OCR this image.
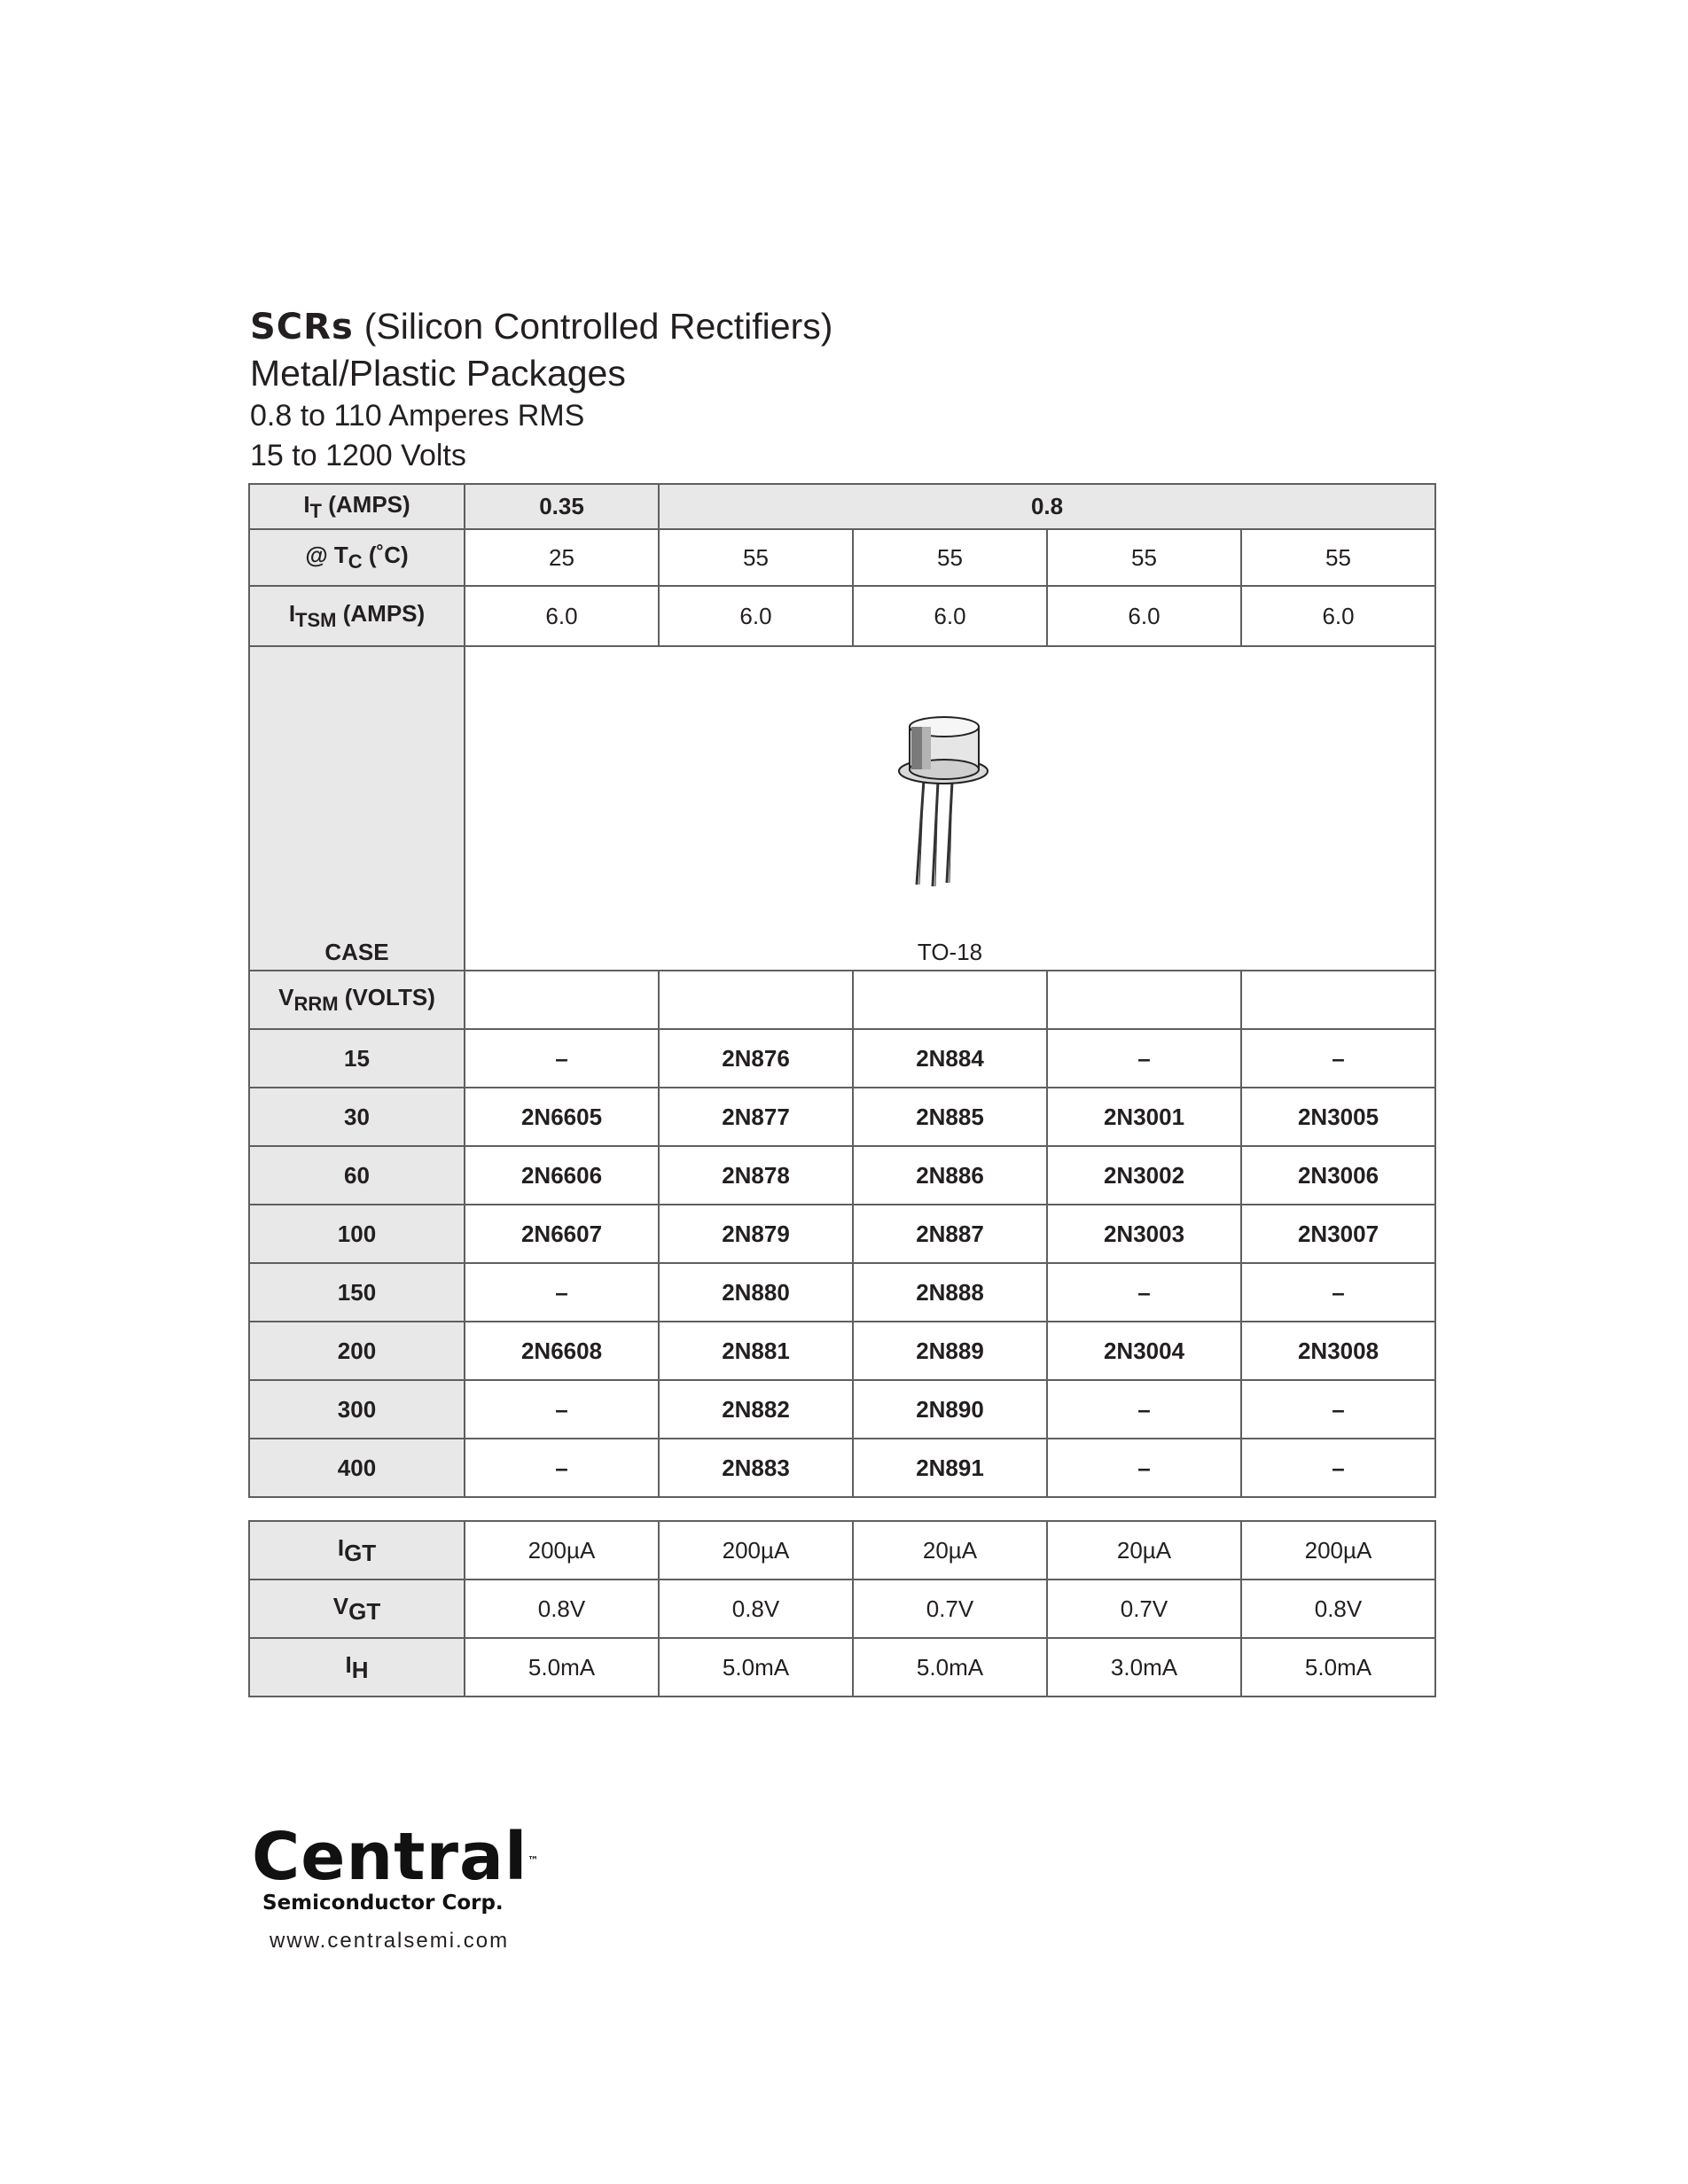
SCRs (Silicon Controlled Rectifiers)
Metal/Plastic Packages
0.8 to 110 Amperes RMS
15 to 1200 Volts
$I_T$ (AMPS)	0.35	0.8			
@ $T_C$ (˚C)	25	55	55	55	55
$I_{TSM}$ (AMPS)	6.0	6.0	6.0	6.0	6.0

CASE	TO-18				

$V_{RRM}$ (VOLTS)					
15	–	2N876	2N884	–	–
30	2N6605	2N877	2N885	2N3001	2N3005
60	2N6606	2N878	2N886	2N3002	2N3006
100	2N6607	2N879	2N887	2N3003	2N3007
150	–	2N880	2N888	–	–
200	2N6608	2N881	2N889	2N3004	2N3008
300	–	2N882	2N890	–	–
400	–	2N883	2N891	–	–
$I_{GT}$	200µA	200µA	20µA	20µA	200µA
$V_{GT}$	0.8V	0.8V	0.7V	0.7V	0.8V
$I_H$	5.0mA	5.0mA	5.0mA	3.0mA	5.0mA
Central™
Semiconductor Corp.
www.centralsemi.com
